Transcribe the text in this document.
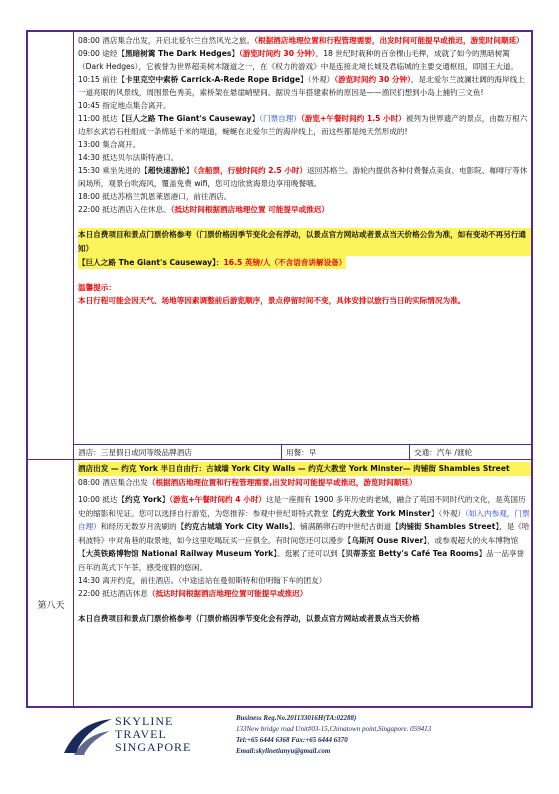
08:00 酒店集合出发，开启北爱尔兰自然风光之旅。（根据酒店地理位置和行程管理需要，出发时间可能提早或推迟，游览时间顺延）

09:00 途经【黑暗树篱 The Dark Hedges】（游览时间约 30 分钟），18 世纪时栽种的百余棵山毛榉，成就了如今的黑暗树篱（Dark Hedges），它被誉为世界超美树木隧道之一，在《权力的游戏》中是连接北境长城及君临城的主要交通枢纽，即国王大道。

10:15 前往【卡里克空中索桥 Carrick-A-Rede Rope Bridge】（外观）（游览时间约 30 分钟），是北爱尔兰波澜壮阔的海岸线上一道亮眼的风景线，周围景色秀美，索桥架在悬崖峭壁间。据说当年搭建索桥的原因是——渔民们想到小岛上捕钓三文鱼!

10:45 指定地点集合离开。

11:00 抵达【巨人之路 The Giant's Causeway】（门票自理）（游览+午餐时间约 1.5 小时）被列为世界遗产的景点，由数万根六边形玄武岩石柱组成一条绵延千米的堤道，蜿蜒在北爱尔兰的海岸线上，而这些都是纯天然形成的!

13:00 集合离开。

14:30 抵达贝尔法斯特港口。

15:30 乘坐先进的【超快速游轮】（含船票，行驶时间约 2.5 小时）返回苏格兰。游轮内提供各种付费餐点美食、电影院、咖啡厅等休闲场所，观景台吹海风，覆盖免费 wifi，您可边欣赏海景边享用晚餐哦。

18:00 抵达苏格兰凯恩莱恩港口，前往酒店。

22:00 抵达酒店入住休息。（抵达时间根据酒店地理位置 可能提早或推迟）

本日自费项目和景点门票价格参考（门票价格因季节变化会有浮动，以景点官方网站或者景点当天价格公告为准，如有变动不再另行通知）

【巨人之路 The Giant's Causeway】：16.5 英镑/人（不含语音讲解设备）

温馨提示：

本日行程可能会因天气、场地等因素调整前后游览顺序，景点停留时间不变，具体安排以旅行当日的实际情况为准。

酒店：三星假日或同等级品牌酒店	用餐：早	交通：汽车 /渡轮
第八天

酒店出发 — 约克 York 半日自由行：古城墙 York City Walls — 约克大教堂 York Minster— 肉铺街 Shambles Street

08:00 酒店集合出发（根据酒店地理位置和行程管理需要,出发时间可能提早或推迟，游览时间顺延）

10:00 抵达【约克 York】（游览+午餐时间约 4 小时）这是一座拥有 1900 多年历史的老城，融合了英国不同时代的文化，是英国历史的缩影和见证。您可以选择自行游览，为您推荐：参观中世纪哥特式教堂【约克大教堂 York Minster】（外观）（如入内参观，门票自理）和经历无数岁月洗刷的【约克古城墙 York City Walls】。铺满鹅卵石的中世纪古街道【肉铺街 Shambles Street】，是《哈利波特》中对角巷的取景地，如今这里吃喝玩买一应俱全。有时间您还可以漫步【乌斯河 Ouse River】，或参观超大的火车博物馆【大英铁路博物馆 National Railway Museum York】。逛累了还可以到【贝蒂茶室 Betty's Café Tea Rooms】品一品享誉百年的英式下午茶，感受度假的悠闲。

14:30 离开约克，前往酒店。（中途送站在曼彻斯特和伯明翰下车的团友）

22:00 抵达酒店休息（抵达时间根据酒店地理位置可能提早或推迟）

本日自费项目和景点门票价格参考（门票价格因季节变化会有浮动，以景点官方网站或者景点当天价格

SKYLINE
TRAVEL
SINGAPORE
Business Reg.No.201133016H(TA:02288)
133New bridge road Unit#03-15,Chinatown point,Singapore. 059413
Tel:+65 6444 6368 Fax:+65 6444 6370
Email:skylinetianyu@gmail.com
